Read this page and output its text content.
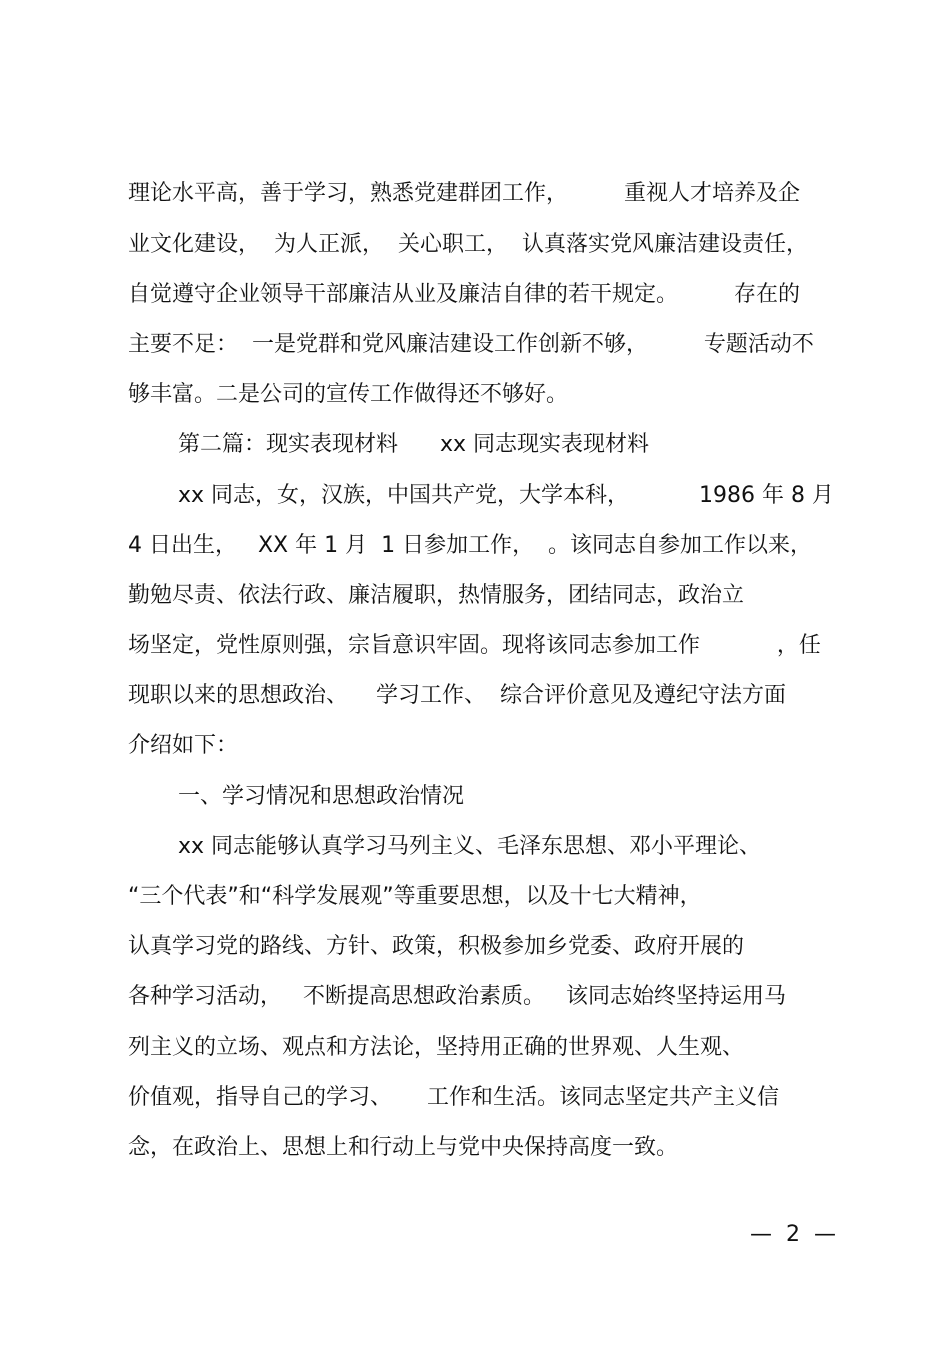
理论水平高，善于学习，熟悉党建群团工作，        重视人才培养及企
业文化建设，  为人正派，  关心职工，  认真落实党风廉洁建设责任，
自觉遵守企业领导干部廉洁从业及廉洁自律的若干规定。        存在的
主要不足：  一是党群和党风廉洁建设工作创新不够，        专题活动不
够丰富。二是公司的宣传工作做得还不够好。
第二篇：现实表现材料      xx 同志现实表现材料
xx 同志，女，汉族，中国共产党，大学本科，          1986 年 8 月
4 日出生，   XX 年 1 月  1 日参加工作，  。该同志自参加工作以来，
勤勉尽责、依法行政、廉洁履职，热情服务，团结同志，政治立
场坚定，党性原则强，宗旨意识牢固。现将该同志参加工作           ，任
现职以来的思想政治、    学习工作、  综合评价意见及遵纪守法方面
介绍如下：
一、学习情况和思想政治情况
xx 同志能够认真学习马列主义、毛泽东思想、邓小平理论、
“三个代表”和“科学发展观”等重要思想，以及十七大精神，
认真学习党的路线、方针、政策，积极参加乡党委、政府开展的
各种学习活动，   不断提高思想政治素质。   该同志始终坚持运用马
列主义的立场、观点和方法论，坚持用正确的世界观、人生观、
价值观，指导自己的学习、     工作和生活。该同志坚定共产主义信
念，在政治上、思想上和行动上与党中央保持高度一致。
—  2  —
